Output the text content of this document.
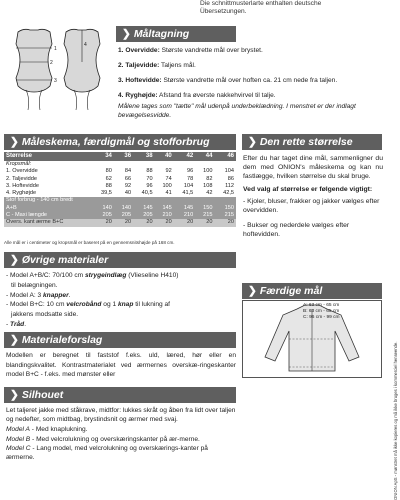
Die schnittmusterlarte enthalten deutsche
Übersetzungen.
1
2
3
4
❯ Måltagning
1. Overvidde: Største vandrette mål over brystet.
2. Taljevidde: Taljens mål.
3. Hoftevidde: Største vandrette mål over hoften ca. 21 cm nede fra taljen.
4. Ryghøjde: Afstand fra øverste nakkehvirvel til talje.
Målene tages som "tætte" mål udenpå underbeklædning. I menstret er der indlagt bevægelsesvidde.
❯ Måleskema, færdigmål og stofforbrug
Størrelse	34	36	38	40	42	44	46
Kropsmål:							
1. Overvidde	80	84	88	92	96	100	104
2. Taljevidde	62	66	70	74	78	82	86
3. Hoftevidde	88	92	96	100	104	108	112
4. Ryghøjde	39,5	40	40,5	41	41,5	42	42,5
Stof forbrug - 140 cm bredt							
A+B	140	140	145	145	145	150	150
C - Maxi længde	205	205	205	210	210	215	215
Overs. kant ærme B+C	20	20	20	20	20	20	20
Alle mål er i centimeter og kropsmål er baseret på en gennemsnitshøjde på 168 cm.
❯ Den rette størrelse
Efter du har taget dine mål, sammenligner du dem med ONION's måleskema og kan nu fastlægge, hvilken størrelse du skal bruge.
Ved valg af størrelse er følgende vigtigt:
- Kjoler, bluser, frakker og jakker vælges efter overvidden.
- Bukser og nederdele vælges efter hoftevidden.
❯ Færdige mål
A: 63 cm - 65 cm
B: 63 cm - 65 cm
C: 96 cm - 99 cm
❯ Øvrige materialer
- Model A+B/C: 70/100 cm strygeindlæg (Vlieseline H410)
til belægningen.
- Model A: 3 knapper.
- Model B+C: 10 cm velcrobånd og 1 knap til lukning af
jakkens modsatte side.
- Tråd.
❯ Materialeforslag
Modellen er beregnet til faststof f.eks. uld, læred, hør eller en blandingskvalitet. Kontrastmaterialet ved ærmernes overskæ-ringeskanter model B+C - f.eks. med mønster eller
❯ Silhouet
Let taljeret jakke med ståkrave, midtfor: lukkes skråt og åben fra lidt over taljen og nedefter, som midtbag, brystindsnit og ærmer med svaj.
Model A - Med knaplukning.
Model B - Med velcrolukning og overskæringskanter på ær-merne.
Model C - Lang model, med velcrolukning og overskærings-kanter på ærmerne.	ONION ApS - mønstret må ikke kopieres og må ikke bruges i kommerciel henseende.
